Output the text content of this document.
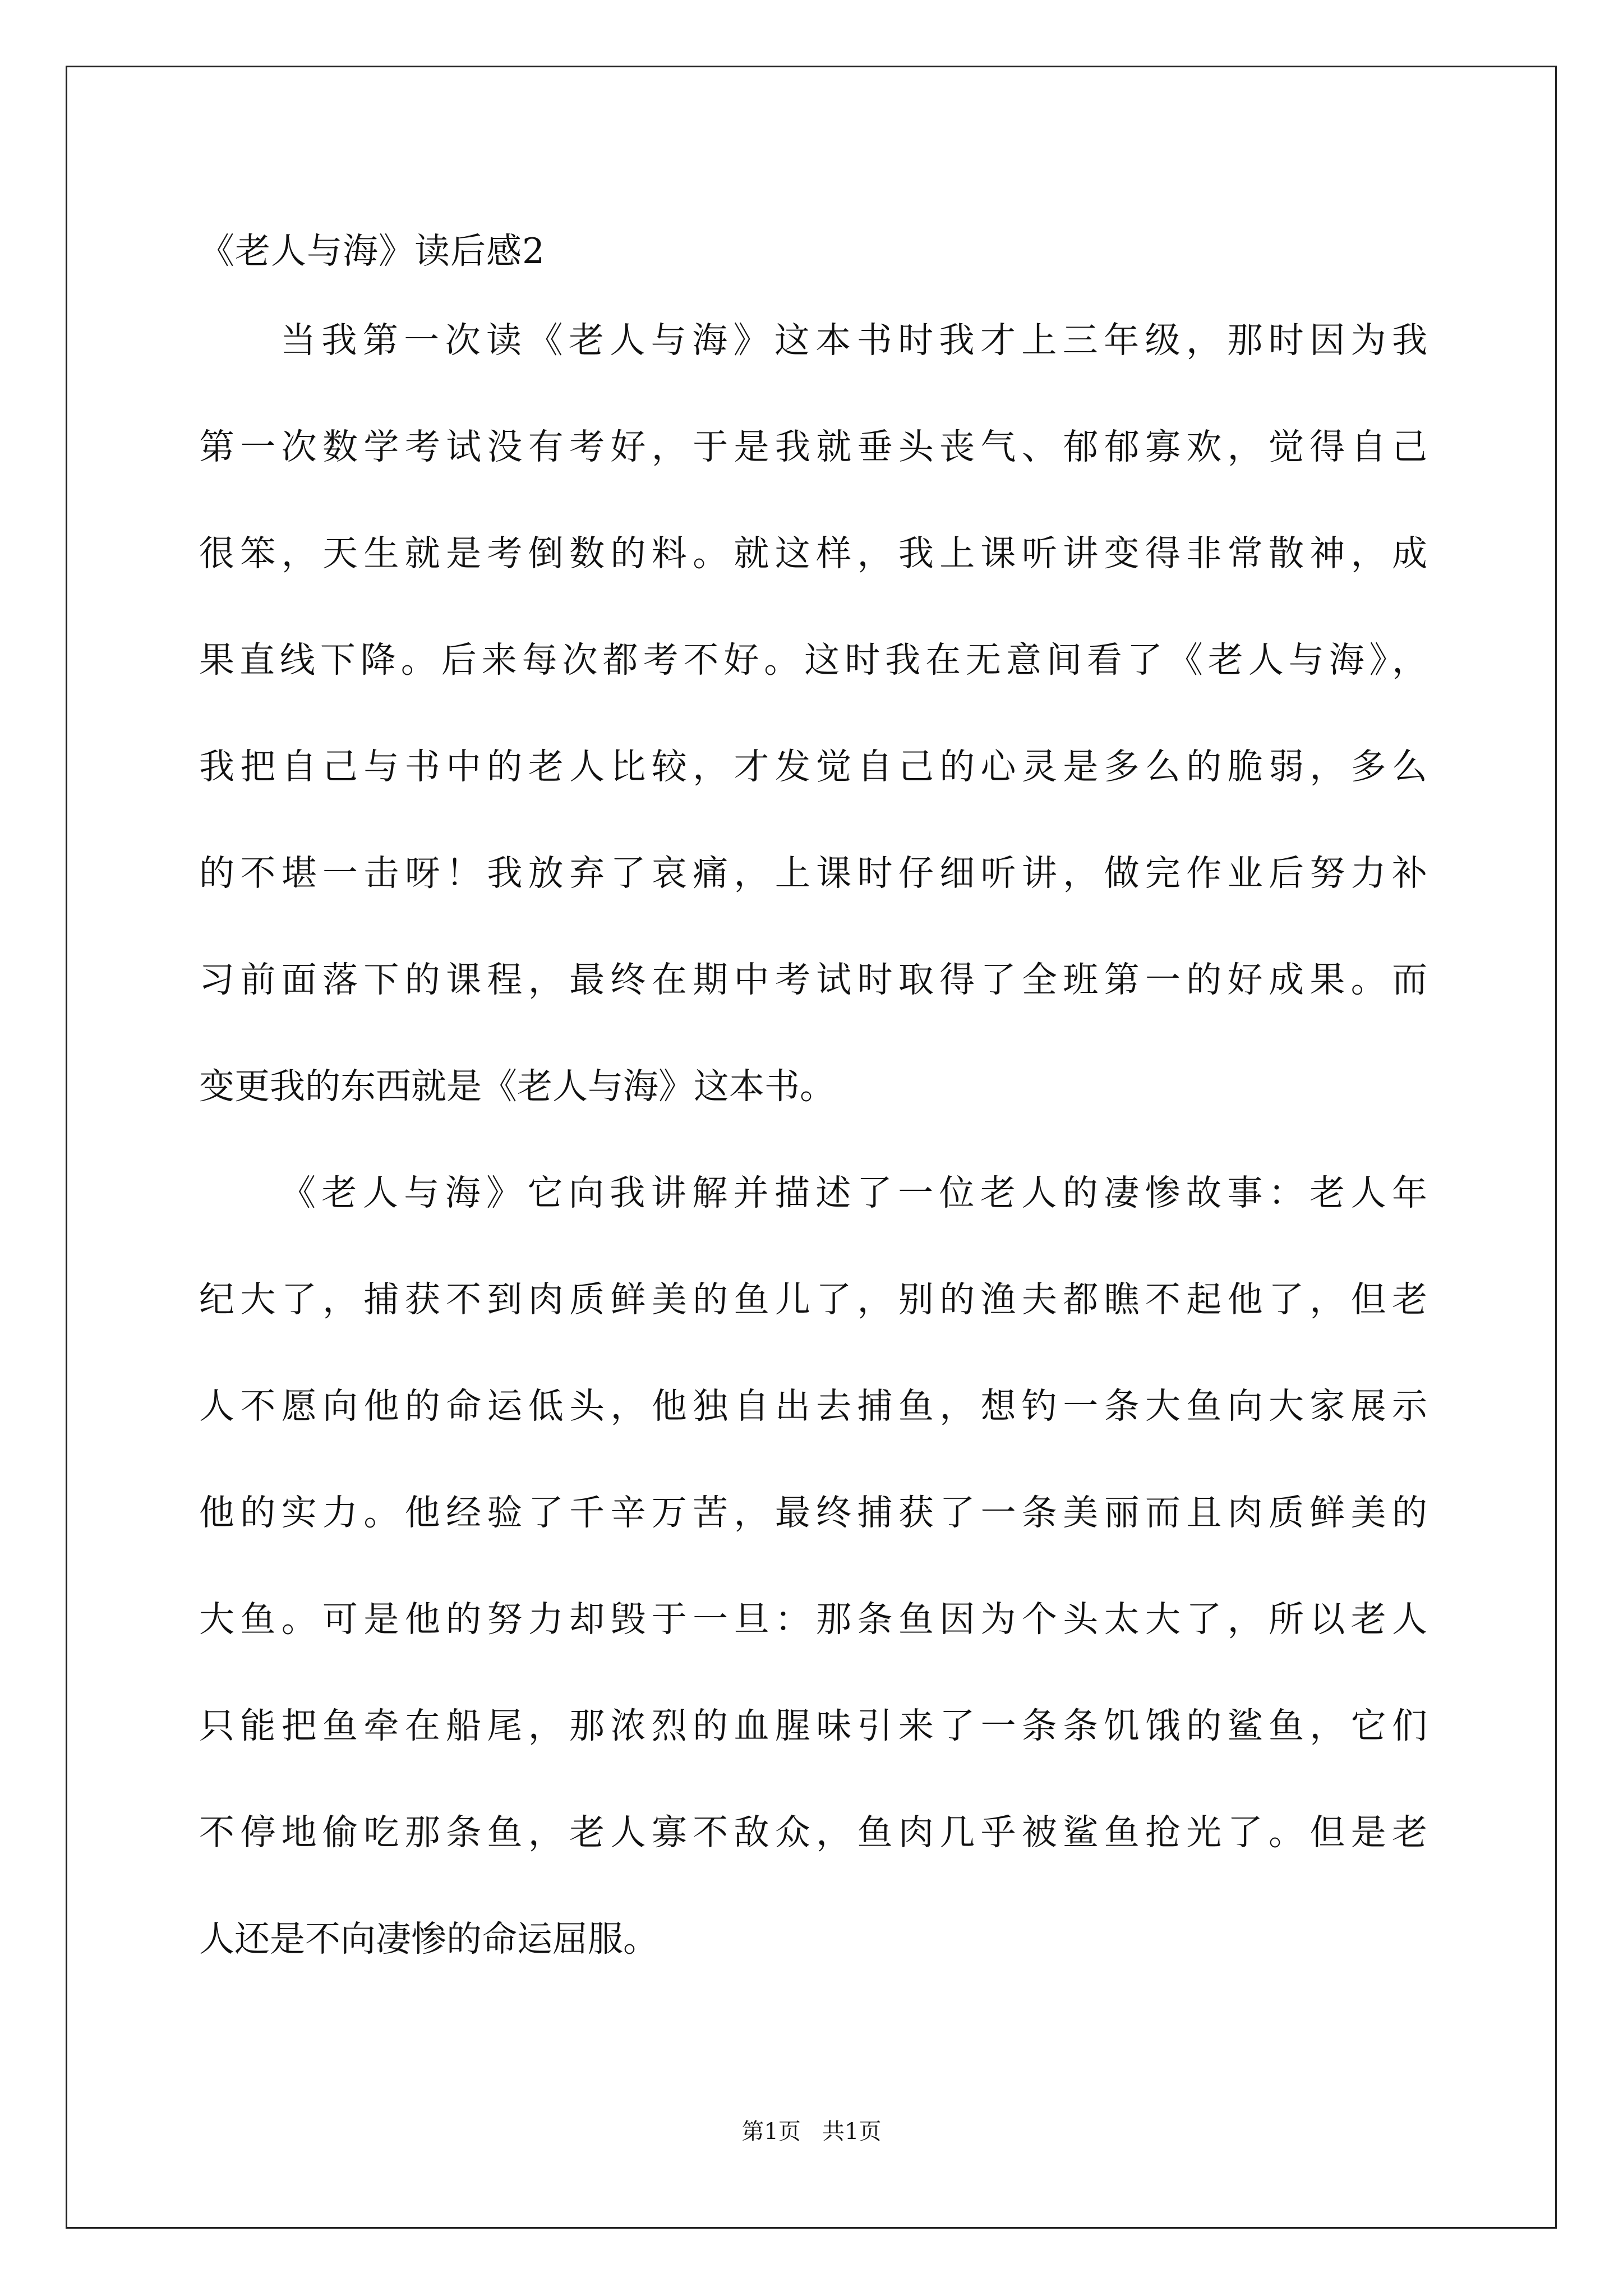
《老人与海》读后感2

当我第一次读《老人与海》这本书时我才上三年级，那时因为我

第一次数学考试没有考好，于是我就垂头丧气、郁郁寡欢，觉得自己

很笨，天生就是考倒数的料。就这样，我上课听讲变得非常散神，成

果直线下降。后来每次都考不好。这时我在无意间看了《老人与海》，

我把自己与书中的老人比较，才发觉自己的心灵是多么的脆弱，多么

的不堪一击呀！我放弃了哀痛，上课时仔细听讲，做完作业后努力补

习前面落下的课程，最终在期中考试时取得了全班第一的好成果。而

变更我的东西就是《老人与海》这本书。

《老人与海》它向我讲解并描述了一位老人的凄惨故事：老人年

纪大了，捕获不到肉质鲜美的鱼儿了，别的渔夫都瞧不起他了，但老

人不愿向他的命运低头，他独自出去捕鱼，想钓一条大鱼向大家展示

他的实力。他经验了千辛万苦，最终捕获了一条美丽而且肉质鲜美的

大鱼。可是他的努力却毁于一旦：那条鱼因为个头太大了，所以老人

只能把鱼牵在船尾，那浓烈的血腥味引来了一条条饥饿的鲨鱼，它们

不停地偷吃那条鱼，老人寡不敌众，鱼肉几乎被鲨鱼抢光了。但是老

人还是不向凄惨的命运屈服。

第1页   共1页
